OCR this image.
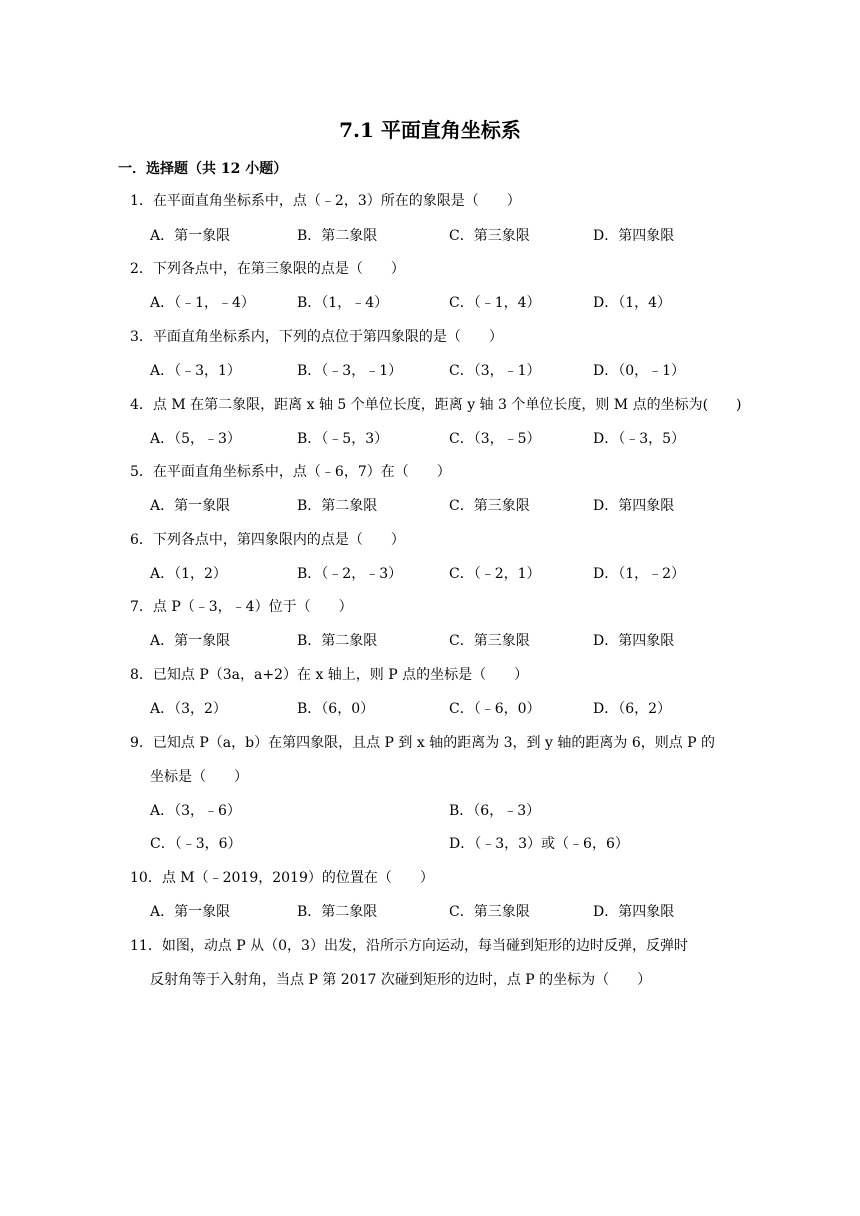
7.1 平面直角坐标系
一．选择题（共 12 小题）
1．在平面直角坐标系中，点（﹣2，3）所在的象限是（　　）
A．第一象限	B．第二象限	C．第三象限	D．第四象限
2．下列各点中，在第三象限的点是（　　）
A．（﹣1，﹣4）	B．（1，﹣4）	C．（﹣1，4）	D．（1，4）
3．平面直角坐标系内，下列的点位于第四象限的是（　　）
A．（﹣3，1）	B．（﹣3，﹣1）	C．（3，﹣1）	D．（0，﹣1）
4．点 M 在第二象限，距离 x 轴 5 个单位长度，距离 y 轴 3 个单位长度，则 M 点的坐标为(　　)
A．（5，﹣3）	B．（﹣5，3）	C．（3，﹣5）	D．（﹣3，5）
5．在平面直角坐标系中，点（﹣6，7）在（　　）
A．第一象限	B．第二象限	C．第三象限	D．第四象限
6．下列各点中，第四象限内的点是（　　）
A．（1，2）	B．（﹣2，﹣3）	C．（﹣2，1）	D．（1，﹣2）
7．点 P（﹣3，﹣4）位于（　　）
A．第一象限	B．第二象限	C．第三象限	D．第四象限
8．已知点 P（3a，a+2）在 x 轴上，则 P 点的坐标是（　　）
A．（3，2）	B．（6，0）	C．（﹣6，0）	D．（6，2）
9．已知点 P（a，b）在第四象限，且点 P 到 x 轴的距离为 3，到 y 轴的距离为 6，则点 P 的
坐标是（　　）
A．（3，﹣6）	B．（6，﹣3）
C．（﹣3，6）	D．（﹣3，3）或（﹣6，6）
10．点 M（﹣2019，2019）的位置在（　　）
A．第一象限	B．第二象限	C．第三象限	D．第四象限
11．如图，动点 P 从（0，3）出发，沿所示方向运动，每当碰到矩形的边时反弹，反弹时
反射角等于入射角，当点 P 第 2017 次碰到矩形的边时，点 P 的坐标为（　　）
